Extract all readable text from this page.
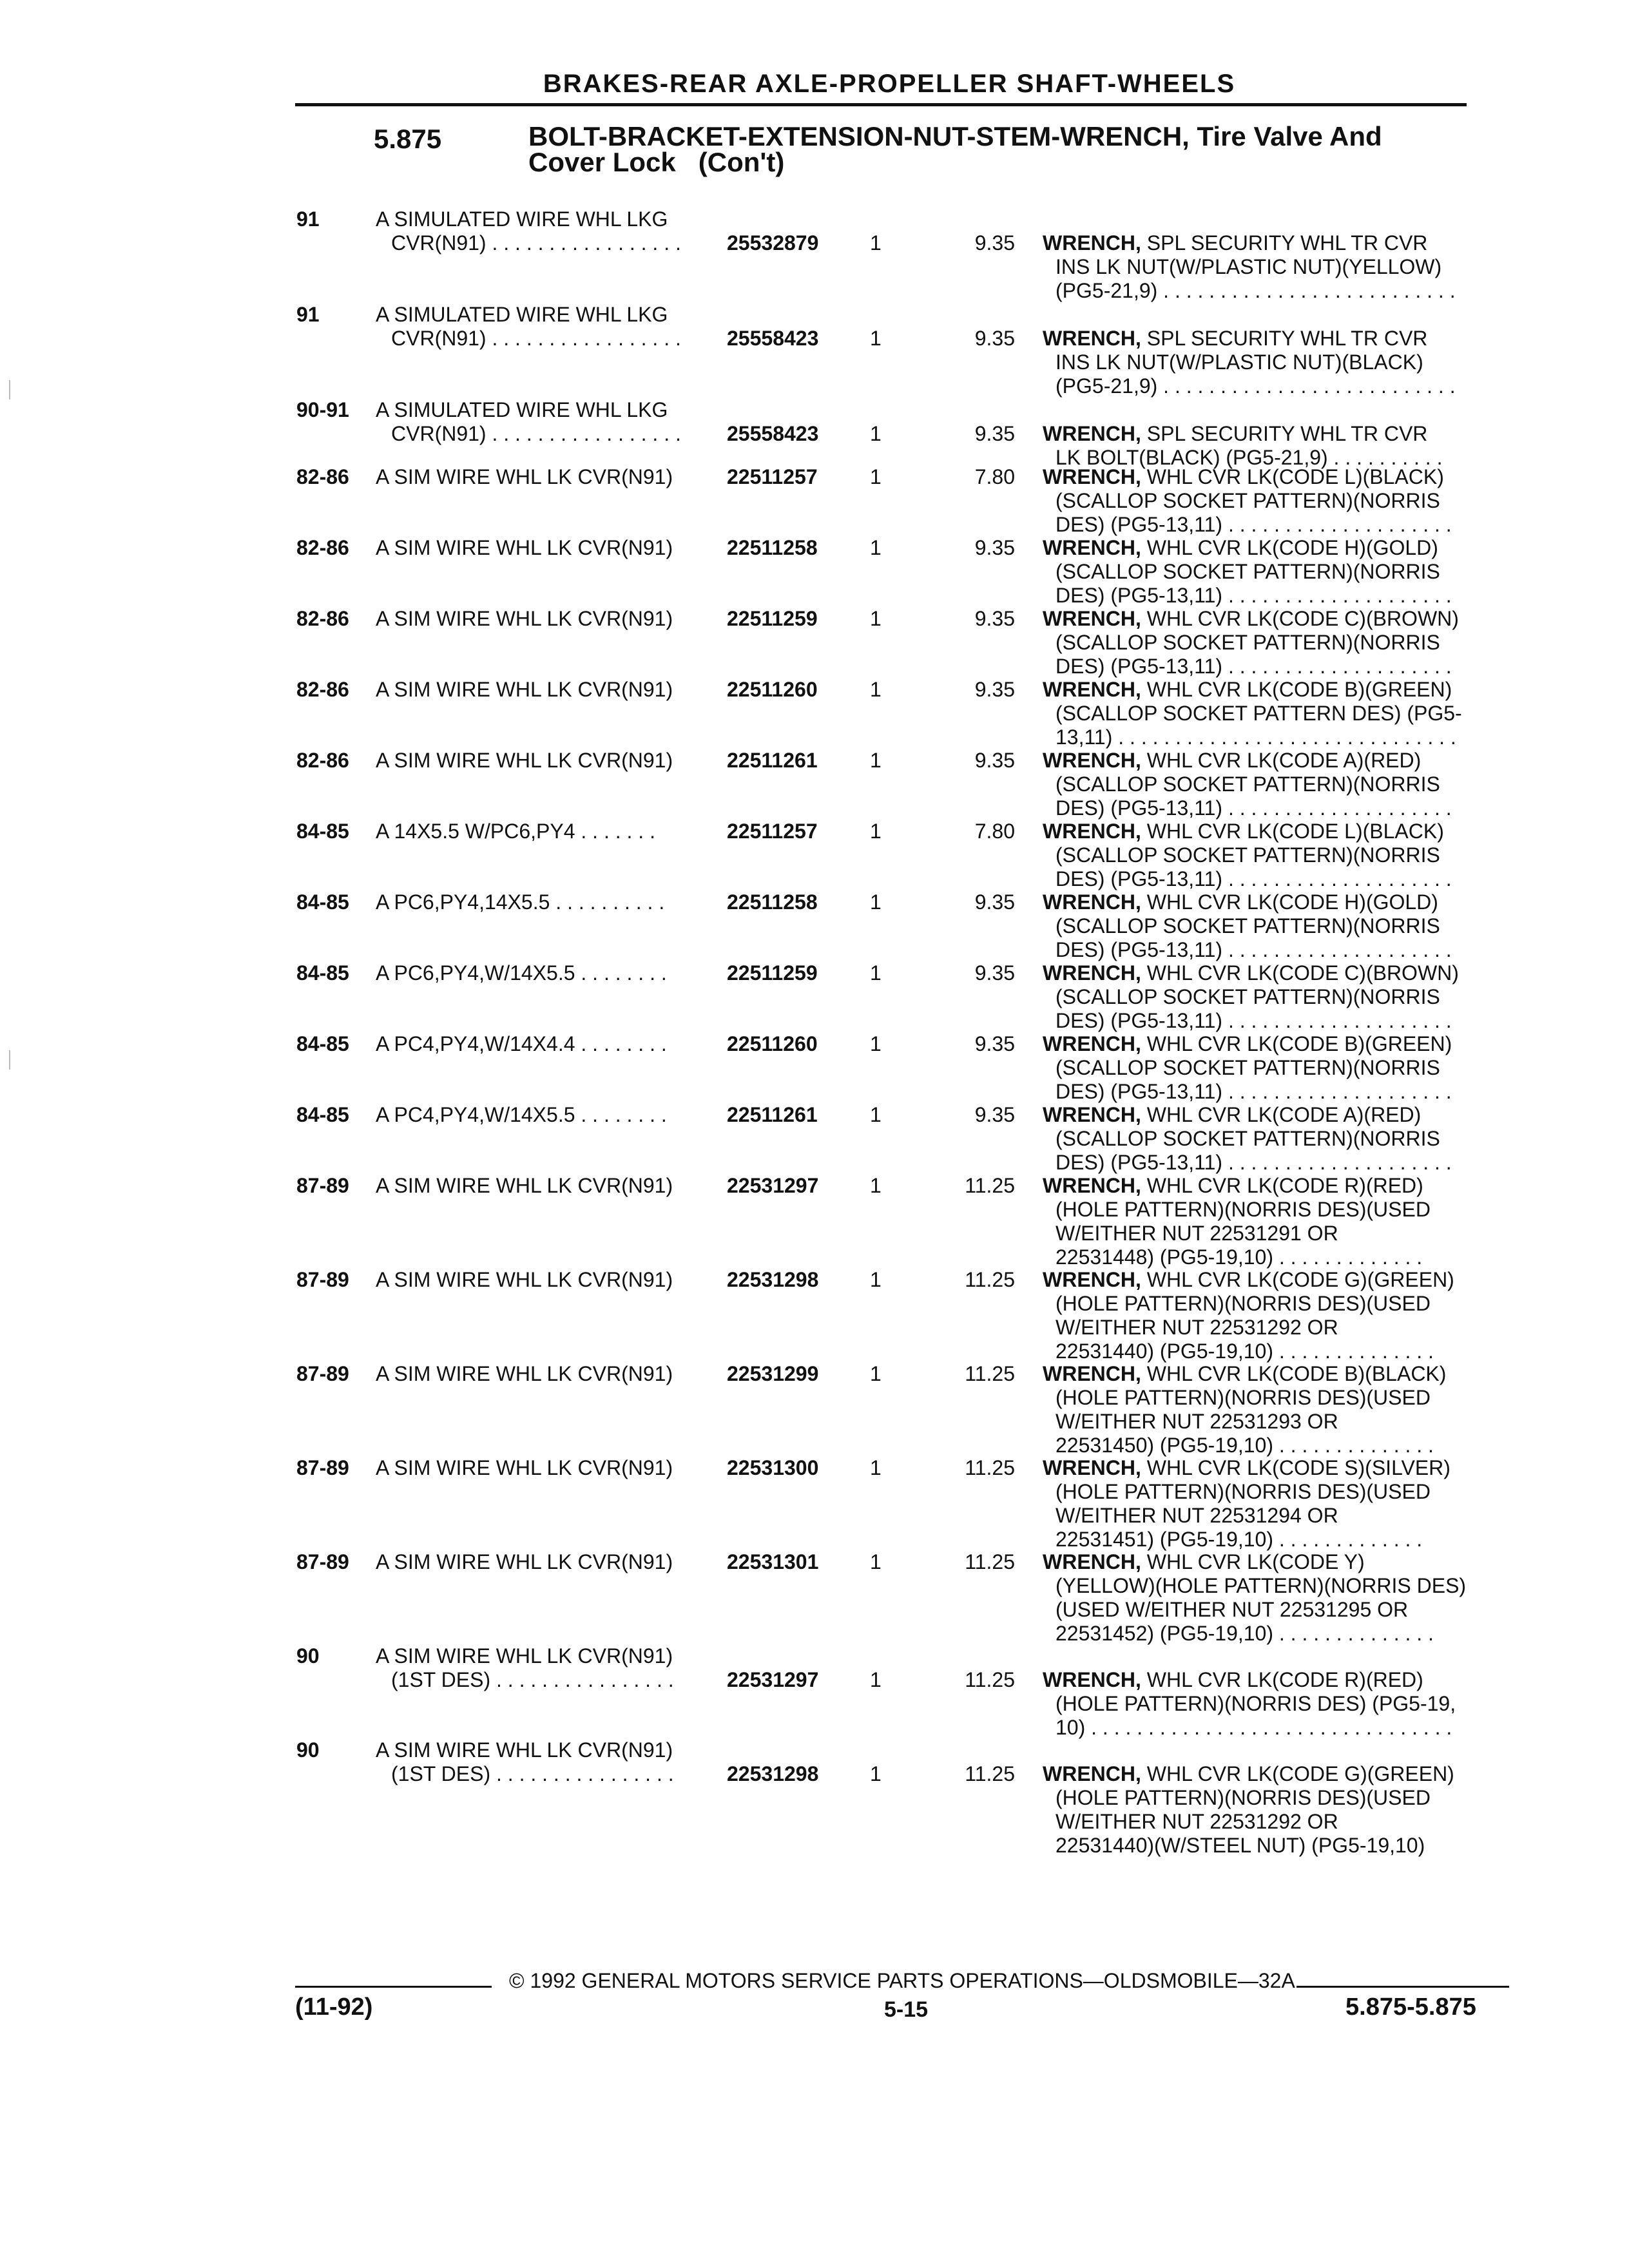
BRAKES-REAR AXLE-PROPELLER SHAFT-WHEELS
5.875	BOLT-BRACKET-EXTENSION-NUT-STEM-WRENCH, Tire Valve And
Cover Lock   (Con't)
91	A SIMULATED WIRE WHL LKG
CVR(N91) . . . . . . . . . . . . . . . . .	25532879	1	9.35 WRENCH, SPL SECURITY WHL TR CVR
INS LK NUT(W/PLASTIC NUT)(YELLOW)
(PG5-21,9) . . . . . . . . . . . . . . . . . . . . . . . . . .
91	A SIMULATED WIRE WHL LKG
CVR(N91) . . . . . . . . . . . . . . . . .	25558423	1	9.35 WRENCH, SPL SECURITY WHL TR CVR
INS LK NUT(W/PLASTIC NUT)(BLACK)
(PG5-21,9) . . . . . . . . . . . . . . . . . . . . . . . . . .
90-91	A SIMULATED WIRE WHL LKG
CVR(N91) . . . . . . . . . . . . . . . . .	25558423	1	9.35 WRENCH, SPL SECURITY WHL TR CVR
LK BOLT(BLACK) (PG5-21,9) . . . . . . . . . .
82-86	A SIM WIRE WHL LK CVR(N91)	22511257	1	7.80 WRENCH, WHL CVR LK(CODE L)(BLACK)
(SCALLOP SOCKET PATTERN)(NORRIS
DES) (PG5-13,11) . . . . . . . . . . . . . . . . . . . .
82-86	A SIM WIRE WHL LK CVR(N91)	22511258	1	9.35 WRENCH, WHL CVR LK(CODE H)(GOLD)
(SCALLOP SOCKET PATTERN)(NORRIS
DES) (PG5-13,11) . . . . . . . . . . . . . . . . . . . .
82-86	A SIM WIRE WHL LK CVR(N91)	22511259	1	9.35 WRENCH, WHL CVR LK(CODE C)(BROWN)
(SCALLOP SOCKET PATTERN)(NORRIS
DES) (PG5-13,11) . . . . . . . . . . . . . . . . . . . .
82-86	A SIM WIRE WHL LK CVR(N91)	22511260	1	9.35 WRENCH, WHL CVR LK(CODE B)(GREEN)
(SCALLOP SOCKET PATTERN DES) (PG5-
13,11) . . . . . . . . . . . . . . . . . . . . . . . . . . . . . .
82-86	A SIM WIRE WHL LK CVR(N91)	22511261	1	9.35 WRENCH, WHL CVR LK(CODE A)(RED)
(SCALLOP SOCKET PATTERN)(NORRIS
DES) (PG5-13,11) . . . . . . . . . . . . . . . . . . . .
84-85	A 14X5.5 W/PC6,PY4 . . . . . . .	22511257	1	7.80 WRENCH, WHL CVR LK(CODE L)(BLACK)
(SCALLOP SOCKET PATTERN)(NORRIS
DES) (PG5-13,11) . . . . . . . . . . . . . . . . . . . .
84-85	A PC6,PY4,14X5.5 . . . . . . . . . .	22511258	1	9.35 WRENCH, WHL CVR LK(CODE H)(GOLD)
(SCALLOP SOCKET PATTERN)(NORRIS
DES) (PG5-13,11) . . . . . . . . . . . . . . . . . . . .
84-85	A PC6,PY4,W/14X5.5 . . . . . . . .	22511259	1	9.35 WRENCH, WHL CVR LK(CODE C)(BROWN)
(SCALLOP SOCKET PATTERN)(NORRIS
DES) (PG5-13,11) . . . . . . . . . . . . . . . . . . . .
84-85	A PC4,PY4,W/14X4.4 . . . . . . . .	22511260	1	9.35 WRENCH, WHL CVR LK(CODE B)(GREEN)
(SCALLOP SOCKET PATTERN)(NORRIS
DES) (PG5-13,11) . . . . . . . . . . . . . . . . . . . .
84-85	A PC4,PY4,W/14X5.5 . . . . . . . .	22511261	1	9.35 WRENCH, WHL CVR LK(CODE A)(RED)
(SCALLOP SOCKET PATTERN)(NORRIS
DES) (PG5-13,11) . . . . . . . . . . . . . . . . . . . .
87-89	A SIM WIRE WHL LK CVR(N91)	22531297	1	11.25 WRENCH, WHL CVR LK(CODE R)(RED)
(HOLE PATTERN)(NORRIS DES)(USED
W/EITHER NUT 22531291 OR
22531448) (PG5-19,10) . . . . . . . . . . . . .
87-89	A SIM WIRE WHL LK CVR(N91)	22531298	1	11.25 WRENCH, WHL CVR LK(CODE G)(GREEN)
(HOLE PATTERN)(NORRIS DES)(USED
W/EITHER NUT 22531292 OR
22531440) (PG5-19,10) . . . . . . . . . . . . . .
87-89	A SIM WIRE WHL LK CVR(N91)	22531299	1	11.25 WRENCH, WHL CVR LK(CODE B)(BLACK)
(HOLE PATTERN)(NORRIS DES)(USED
W/EITHER NUT 22531293 OR
22531450) (PG5-19,10) . . . . . . . . . . . . . .
87-89	A SIM WIRE WHL LK CVR(N91)	22531300	1	11.25 WRENCH, WHL CVR LK(CODE S)(SILVER)
(HOLE PATTERN)(NORRIS DES)(USED
W/EITHER NUT 22531294 OR
22531451) (PG5-19,10) . . . . . . . . . . . . .
87-89	A SIM WIRE WHL LK CVR(N91)	22531301	1	11.25 WRENCH, WHL CVR LK(CODE Y)
(YELLOW)(HOLE PATTERN)(NORRIS DES)
(USED W/EITHER NUT 22531295 OR
22531452) (PG5-19,10) . . . . . . . . . . . . . .
90	A SIM WIRE WHL LK CVR(N91)
(1ST DES) . . . . . . . . . . . . . . . .	22531297	1	11.25 WRENCH, WHL CVR LK(CODE R)(RED)
(HOLE PATTERN)(NORRIS DES) (PG5-19,
10) . . . . . . . . . . . . . . . . . . . . . . . . . . . . . . . .
90	A SIM WIRE WHL LK CVR(N91)
(1ST DES) . . . . . . . . . . . . . . . .	22531298	1	11.25 WRENCH, WHL CVR LK(CODE G)(GREEN)
(HOLE PATTERN)(NORRIS DES)(USED
W/EITHER NUT 22531292 OR
22531440)(W/STEEL NUT) (PG5-19,10)
© 1992 GENERAL MOTORS SERVICE PARTS OPERATIONS—OLDSMOBILE—32A
(11-92)	5-15	5.875-5.875
